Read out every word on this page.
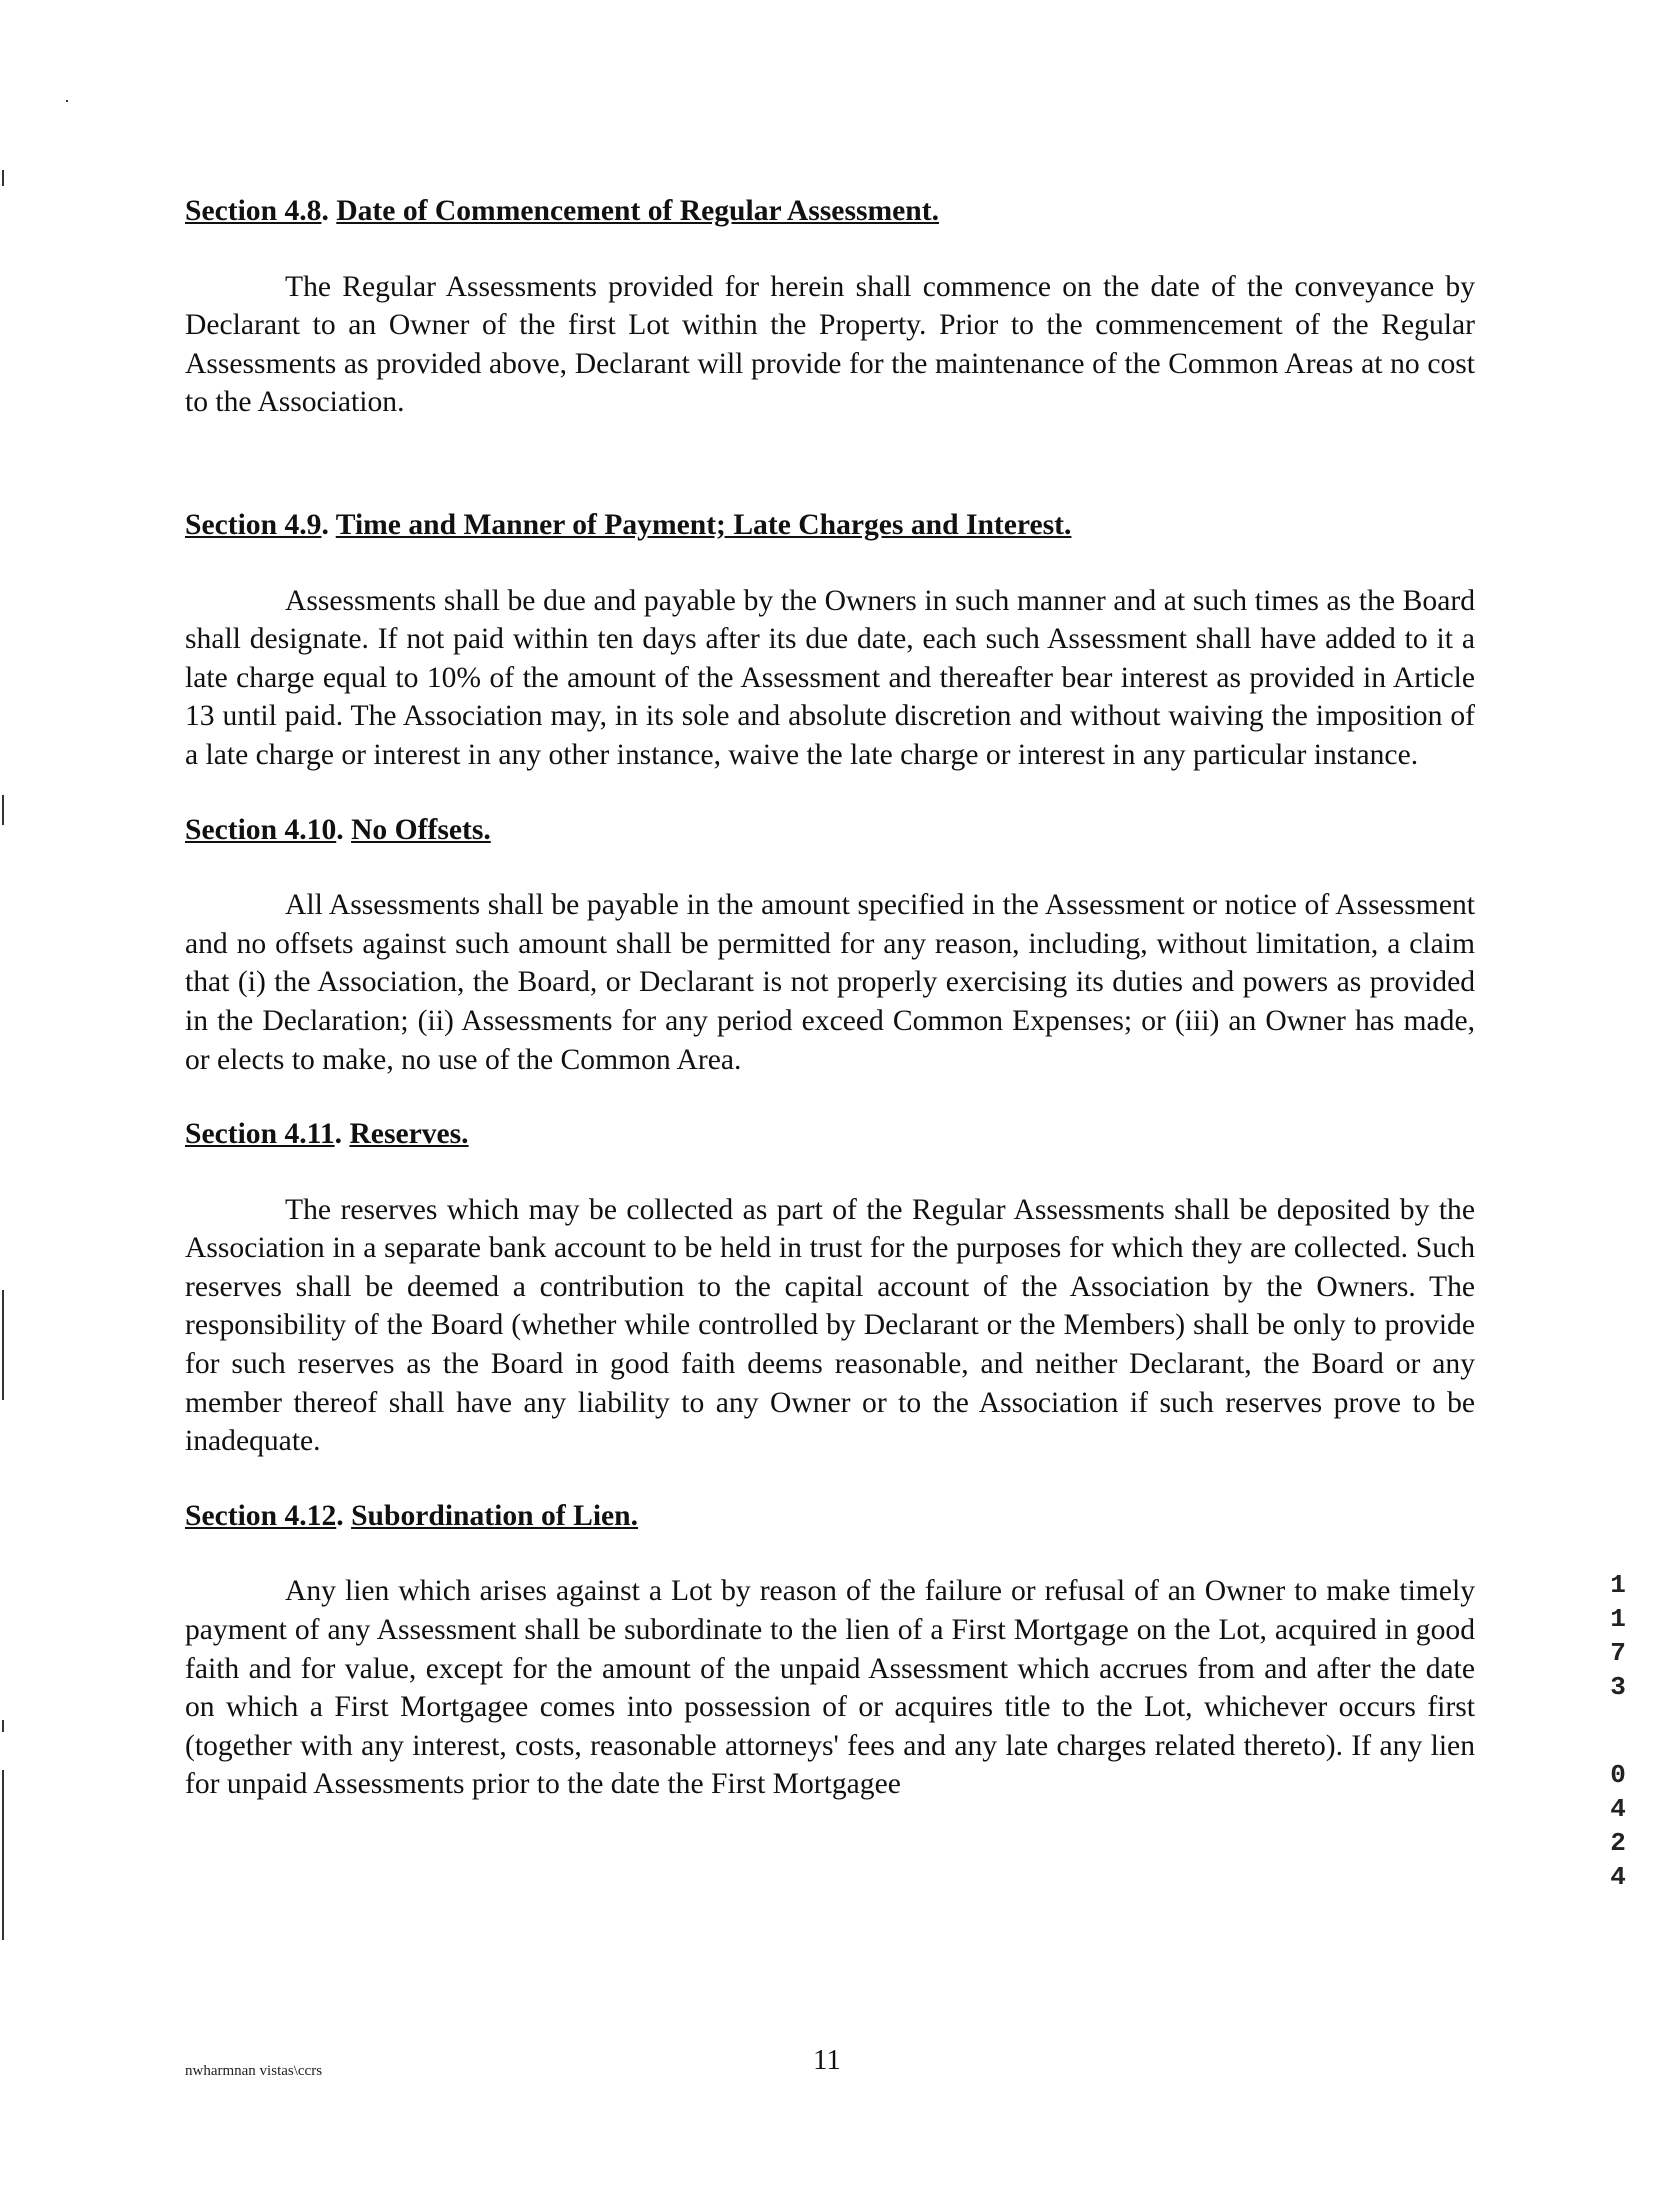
Section 4.8. Date of Commencement of Regular Assessment.

The Regular Assessments provided for herein shall commence on the date of the conveyance by Declarant to an Owner of the first Lot within the Property. Prior to the commencement of the Regular Assessments as provided above, Declarant will provide for the maintenance of the Common Areas at no cost to the Association.

Section 4.9. Time and Manner of Payment; Late Charges and Interest.

Assessments shall be due and payable by the Owners in such manner and at such times as the Board shall designate. If not paid within ten days after its due date, each such Assessment shall have added to it a late charge equal to 10% of the amount of the Assessment and thereafter bear interest as provided in Article 13 until paid. The Association may, in its sole and absolute discretion and without waiving the imposition of a late charge or interest in any other instance, waive the late charge or interest in any particular instance.

Section 4.10. No Offsets.

All Assessments shall be payable in the amount specified in the Assessment or notice of Assessment and no offsets against such amount shall be permitted for any reason, including, without limitation, a claim that (i) the Association, the Board, or Declarant is not properly exercising its duties and powers as provided in the Declaration; (ii) Assessments for any period exceed Common Expenses; or (iii) an Owner has made, or elects to make, no use of the Common Area.

Section 4.11. Reserves.

The reserves which may be collected as part of the Regular Assessments shall be deposited by the Association in a separate bank account to be held in trust for the purposes for which they are collected. Such reserves shall be deemed a contribution to the capital account of the Association by the Owners. The responsibility of the Board (whether while controlled by Declarant or the Members) shall be only to provide for such reserves as the Board in good faith deems reasonable, and neither Declarant, the Board or any member thereof shall have any liability to any Owner or to the Association if such reserves prove to be inadequate.

Section 4.12. Subordination of Lien.

Any lien which arises against a Lot by reason of the failure or refusal of an Owner to make timely payment of any Assessment shall be subordinate to the lien of a First Mortgage on the Lot, acquired in good faith and for value, except for the amount of the unpaid Assessment which accrues from and after the date on which a First Mortgagee comes into possession of or acquires title to the Lot, whichever occurs first (together with any interest, costs, reasonable attorneys' fees and any late charges related thereto). If any lien for unpaid Assessments prior to the date the First Mortgagee

nwharmnan vistas\ccrs	11
1173
0424
